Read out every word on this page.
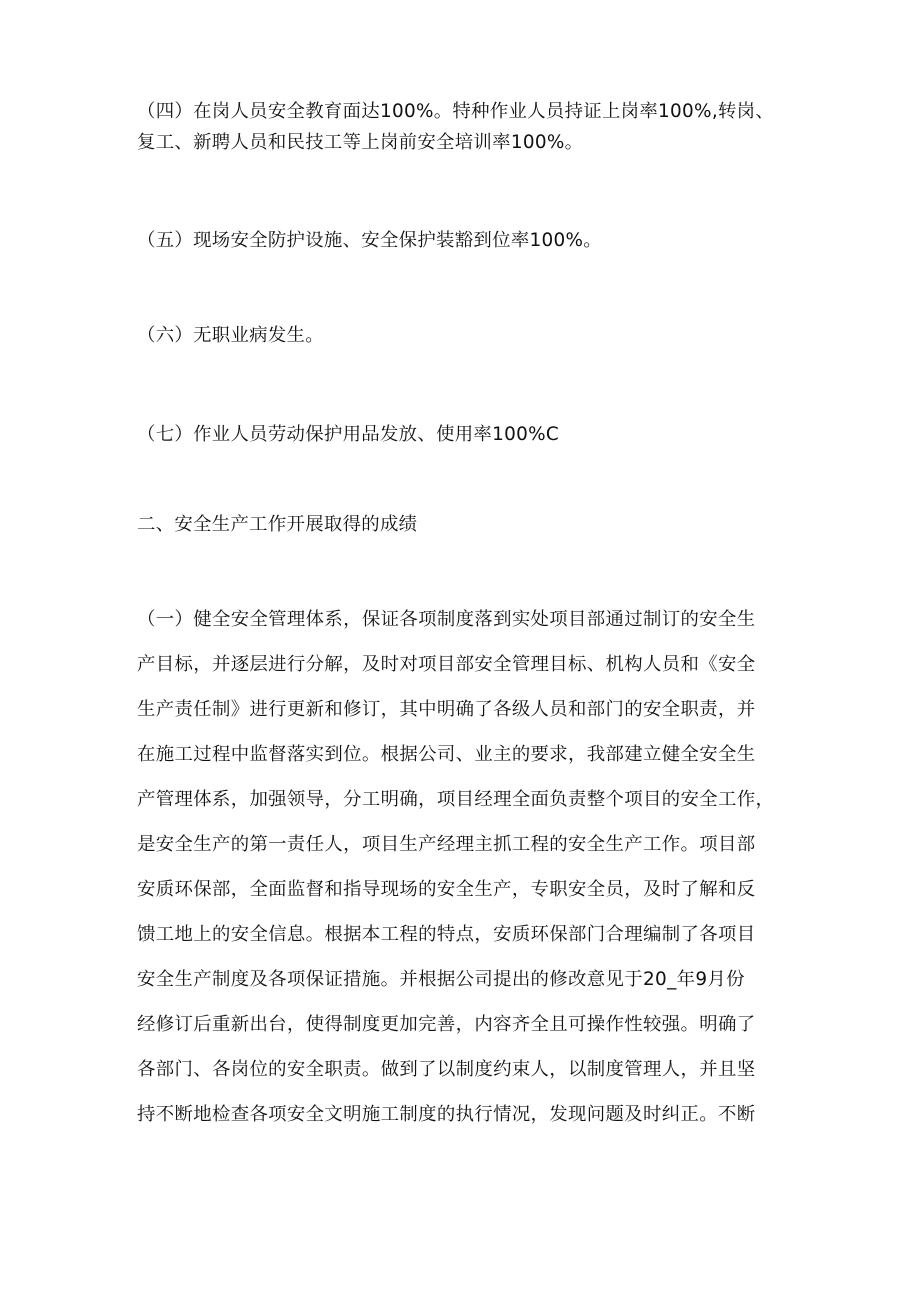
（四）在岗人员安全教育面达100%。特种作业人员持证上岗率100%,转岗、
复工、新聘人员和民技工等上岗前安全培训率100%。
（五）现场安全防护设施、安全保护装豁到位率100%。
（六）无职业病发生。
（七）作业人员劳动保护用品发放、使用率100%C
二、安全生产工作开展取得的成绩
（一）健全安全管理体系，保证各项制度落到实处项目部通过制订的安全生
产目标，并逐层进行分解，及时对项目部安全管理目标、机构人员和《安全
生产责任制》进行更新和修订，其中明确了各级人员和部门的安全职责，并
在施工过程中监督落实到位。根据公司、业主的要求，我部建立健全安全生
产管理体系，加强领导，分工明确，项目经理全面负责整个项目的安全工作，
是安全生产的第一责任人，项目生产经理主抓工程的安全生产工作。项目部
安质环保部，全面监督和指导现场的安全生产，专职安全员，及时了解和反
馈工地上的安全信息。根据本工程的特点，安质环保部门合理编制了各项目
安全生产制度及各项保证措施。并根据公司提出的修改意见于20_年9月份
经修订后重新出台，使得制度更加完善，内容齐全且可操作性较强。明确了
各部门、各岗位的安全职责。做到了以制度约束人，以制度管理人，并且坚
持不断地检查各项安全文明施工制度的执行情况，发现问题及时纠正。不断
